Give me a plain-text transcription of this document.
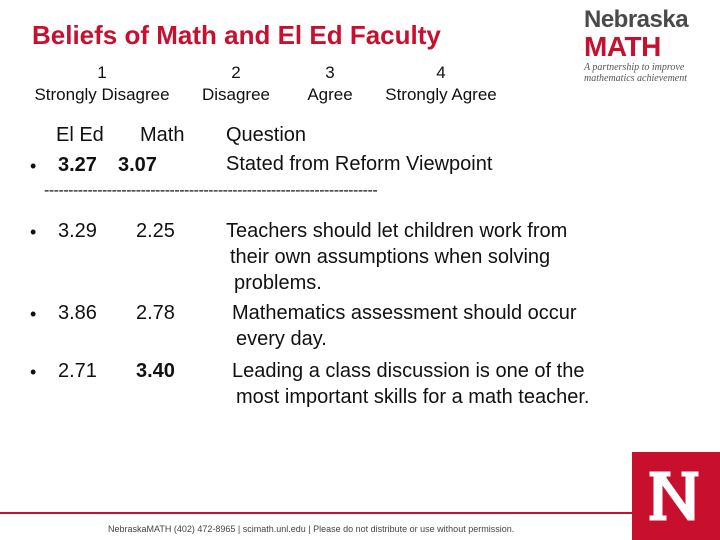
Beliefs of Math and El Ed Faculty
Nebraska
MATH
A partnership to improve mathematics achievement
1
Strongly Disagree
2
Disagree
3
Agree
4
Strongly Agree
El Ed Math Question
• 3.27 3.07	Stated from Reform Viewpoint
---------------------------------------------------------------------
• 3.29 2.25	Teachers should let children work from
their own assumptions when solving
problems.
• 3.86 2.78	Mathematics assessment should occur
every day.
• 2.71 3.40	Leading a class discussion is one of the
most important skills for a math teacher.
NebraskaMATH (402) 472-8965 | scimath.unl.edu | Please do not distribute or use without permission.
